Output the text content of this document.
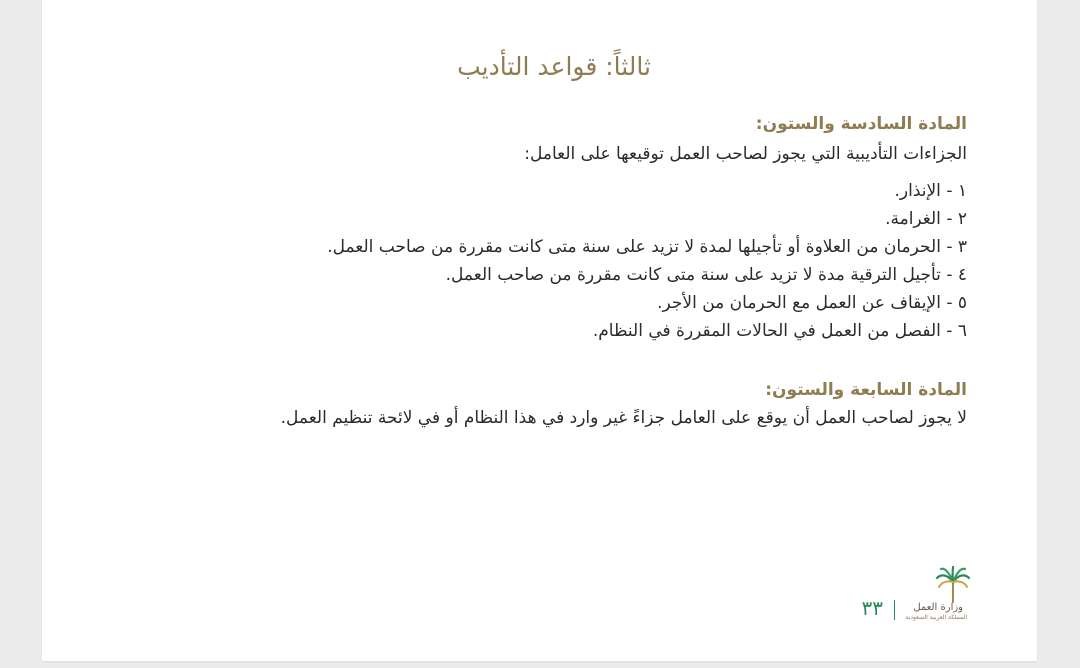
ثالثاً: قواعد التأديب
المادة السادسة والستون:

الجزاءات التأديبية التي يجوز لصاحب العمل توقيعها على العامل:

١ - الإنذار.

٢ - الغرامة.

٣ - الحرمان من العلاوة أو تأجيلها لمدة لا تزيد على سنة متى كانت مقررة من صاحب العمل.

٤ - تأجيل الترقية مدة لا تزيد على سنة متى كانت مقررة من صاحب العمل.

٥ - الإيقاف عن العمل مع الحرمان من الأجر.

٦ - الفصل من العمل في الحالات المقررة في النظام.

المادة السابعة والستون:

لا يجوز لصاحب العمل أن يوقع على العامل جزاءً غير وارد في هذا النظام أو في لائحة تنظيم العمل.

وزارة العمل
المملكة العربية السعودية
٣٣
